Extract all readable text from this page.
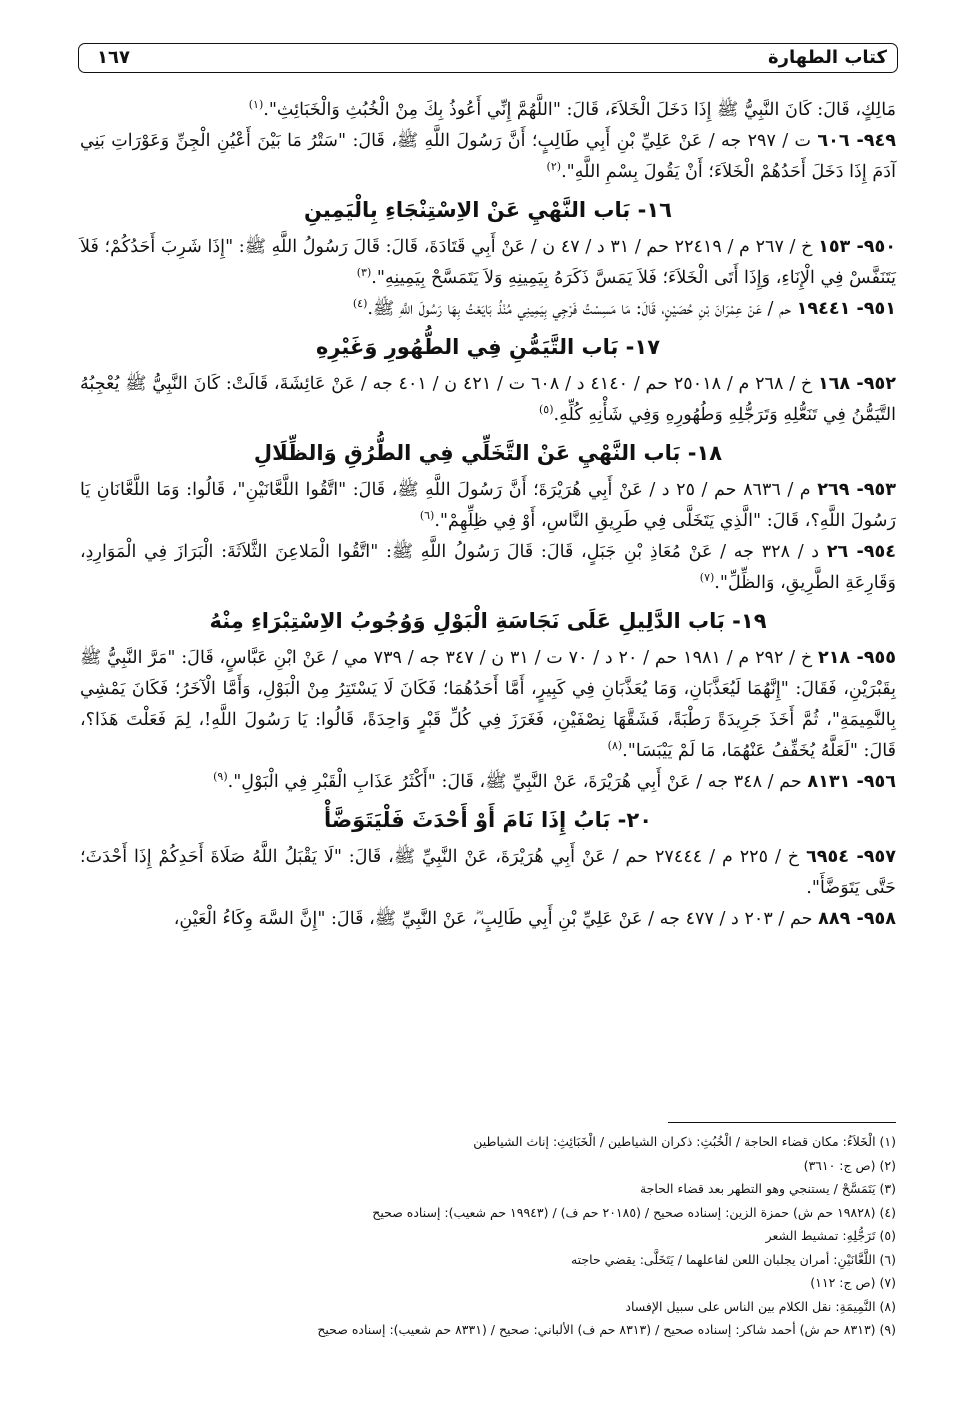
كتاب الطهارة
١٦٧

مَالِكٍ، قَالَ: كَانَ النَّبِيُّ ﷺ إِذَا دَخَلَ الْخَلاَءَ، قَالَ: "اللَّهُمَّ إِنِّي أَعُوذُ بِكَ مِنْ الْخُبُثِ وَالْخَبَائِثِ".$^{(١)}$

٩٤٩- ٦٠٦ ت / ٢٩٧ جه / عَنْ عَلِيِّ بْنِ أَبِي طَالِبٍ؛ أَنَّ رَسُولَ اللَّهِ ﷺ، قَالَ: "سَتْرُ مَا بَيْنَ أَعْيُنِ الْجِنِّ وَعَوْرَاتِ بَنِي آدَمَ إِذَا دَخَلَ أَحَدُهُمْ الْخَلاَءَ؛ أَنْ يَقُولَ بِسْمِ اللَّهِ".$^{(٢)}$

١٦- بَاب النَّهْيِ عَنْ الاِسْتِنْجَاءِ بِالْيَمِينِ

٩٥٠- ١٥٣ خ / ٢٦٧ م / ٢٢٤١٩ حم / ٣١ د / ٤٧ ن / عَنْ أَبِي قَتَادَةَ، قَالَ: قَالَ رَسُولُ اللَّهِ ﷺ: "إِذَا شَرِبَ أَحَدُكُمْ؛ فَلاَ يَتَنَفَّسْ فِي الْإِنَاءِ، وَإِذَا أَتَى الْخَلاَءَ؛ فَلاَ يَمَسَّ ذَكَرَهُ بِيَمِينِهِ وَلاَ يَتَمَسَّحْ بِيَمِينِهِ".$^{(٣)}$

٩٥١- ١٩٤٤١ حم / عَنْ عِمْرَانَ بْنِ حُصَيْنٍ، قَالَ: مَا مَسِسْتُ فَرْجِي بِيَمِينِي مُنْذُ بَايَعْتُ بِهَا رَسُولَ اللَّهِ ﷺ.$^{(٤)}$

١٧- بَاب التَّيَمُّنِ فِي الطُّهُورِ وَغَيْرِهِ

٩٥٢- ١٦٨ خ / ٢٦٨ م / ٢٥٠١٨ حم / ٤١٤٠ د / ٦٠٨ ت / ٤٢١ ن / ٤٠١ جه / عَنْ عَائِشَةَ، قَالَتْ: كَانَ النَّبِيُّ ﷺ يُعْجِبُهُ التَّيَمُّنُ فِي تَنَعُّلِهِ وَتَرَجُّلِهِ وَطُهُورِهِ وَفِي شَأْنِهِ كُلِّهِ.$^{(٥)}$

١٨- بَاب النَّهْيِ عَنْ التَّخَلِّي فِي الطُّرُقِ وَالظِّلَالِ

٩٥٣- ٢٦٩ م / ٨٦٣٦ حم / ٢٥ د / عَنْ أَبِي هُرَيْرَةَ؛ أَنَّ رَسُولَ اللَّهِ ﷺ، قَالَ: "اتَّقُوا اللَّعَّانَيْنِ"، قَالُوا: وَمَا اللَّعَّانَانِ يَا رَسُولَ اللَّهِ؟، قَالَ: "الَّذِي يَتَخَلَّى فِي طَرِيقِ النَّاسِ، أَوْ فِي ظِلِّهِمْ".$^{(٦)}$

٩٥٤- ٢٦ د / ٣٢٨ جه / عَنْ مُعَاذِ بْنِ جَبَلٍ، قَالَ: قَالَ رَسُولُ اللَّهِ ﷺ: "اتَّقُوا الْمَلاعِنَ الثَّلاَثَةَ: الْبَرَازَ فِي الْمَوَارِدِ، وَقَارِعَةِ الطَّرِيقِ، وَالظِّلِّ".$^{(٧)}$

١٩- بَاب الدَّلِيلِ عَلَى نَجَاسَةِ الْبَوْلِ وَوُجُوبُ الاِسْتِبْرَاءِ مِنْهُ

٩٥٥- ٢١٨ خ / ٢٩٢ م / ١٩٨١ حم / ٢٠ د / ٧٠ ت / ٣١ ن / ٣٤٧ جه / ٧٣٩ مي / عَنْ ابْنِ عَبَّاسٍ، قَالَ: "مَرَّ النَّبِيُّ ﷺ بِقَبْرَيْنِ، فَقَالَ: "إِنَّهُمَا لَيُعَذَّبَانِ، وَمَا يُعَذَّبَانِ فِي كَبِيرٍ، أَمَّا أَحَدُهُمَا؛ فَكَانَ لَا يَسْتَتِرُ مِنْ الْبَوْلِ، وَأَمَّا الْآخَرُ؛ فَكَانَ يَمْشِي بِالنَّمِيمَةِ"، ثُمَّ أَخَذَ جَرِيدَةً رَطْبَةً، فَشَقَّهَا نِصْفَيْنِ، فَغَرَزَ فِي كُلِّ قَبْرٍ وَاحِدَةً، قَالُوا: يَا رَسُولَ اللَّهِ!، لِمَ فَعَلْتَ هَذَا؟، قَالَ: "لَعَلَّهُ يُخَفِّفُ عَنْهُمَا، مَا لَمْ يَيْبَسَا".$^{(٨)}$

٩٥٦- ٨١٣١ حم / ٣٤٨ جه / عَنْ أَبِي هُرَيْرَةَ، عَنْ النَّبِيِّ ﷺ، قَالَ: "أَكْثَرُ عَذَابِ الْقَبْرِ فِي الْبَوْلِ".$^{(٩)}$

٢٠- بَابُ إِذَا نَامَ أَوْ أَحْدَثَ فَلْيَتَوَضَّأْ

٩٥٧- ٦٩٥٤ خ / ٢٢٥ م / ٢٧٤٤٤ حم / عَنْ أَبِي هُرَيْرَةَ، عَنْ النَّبِيِّ ﷺ، قَالَ: "لَا يَقْبَلُ اللَّهُ صَلَاةَ أَحَدِكُمْ إِذَا أَحْدَثَ؛ حَتَّى يَتَوَضَّأَ".

٩٥٨- ٨٨٩ حم / ٢٠٣ د / ٤٧٧ جه / عَنْ عَلِيِّ بْنِ أَبِي طَالِبٍ ؓ، عَنْ النَّبِيِّ ﷺ، قَالَ: "إِنَّ السَّهَ وِكَاءُ الْعَيْنِ،

(١) الْخَلاَءُ: مكان قضاء الحاجة / الْخُبُثِ: ذكران الشياطين / الْخَبَائِثِ: إناث الشياطين

(٢) (ص ج: ٣٦١٠)

(٣) يَتَمَسَّحْ / يستنجي وهو التطهر بعد قضاء الحاجة

(٤) (١٩٨٢٨ حم ش) حمزة الزين: إسناده صحيح / (٢٠١٨٥ حم ف) / (١٩٩٤٣ حم شعيب): إسناده صحيح

(٥) تَرَجُّلِهِ: تمشيط الشعر

(٦) اللَّعَّانَيْنِ: أمران يجلبان اللعن لفاعلهما / يَتَخَلَّى: يقضي حاجته

(٧) (ص ج: ١١٢)

(٨) النَّمِيمَةِ: نقل الكلام بين الناس على سبيل الإفساد

(٩) (٨٣١٣ حم ش) أحمد شاكر: إسناده صحيح / (٨٣١٣ حم ف) الألباني: صحيح / (٨٣٣١ حم شعيب): إسناده صحيح
